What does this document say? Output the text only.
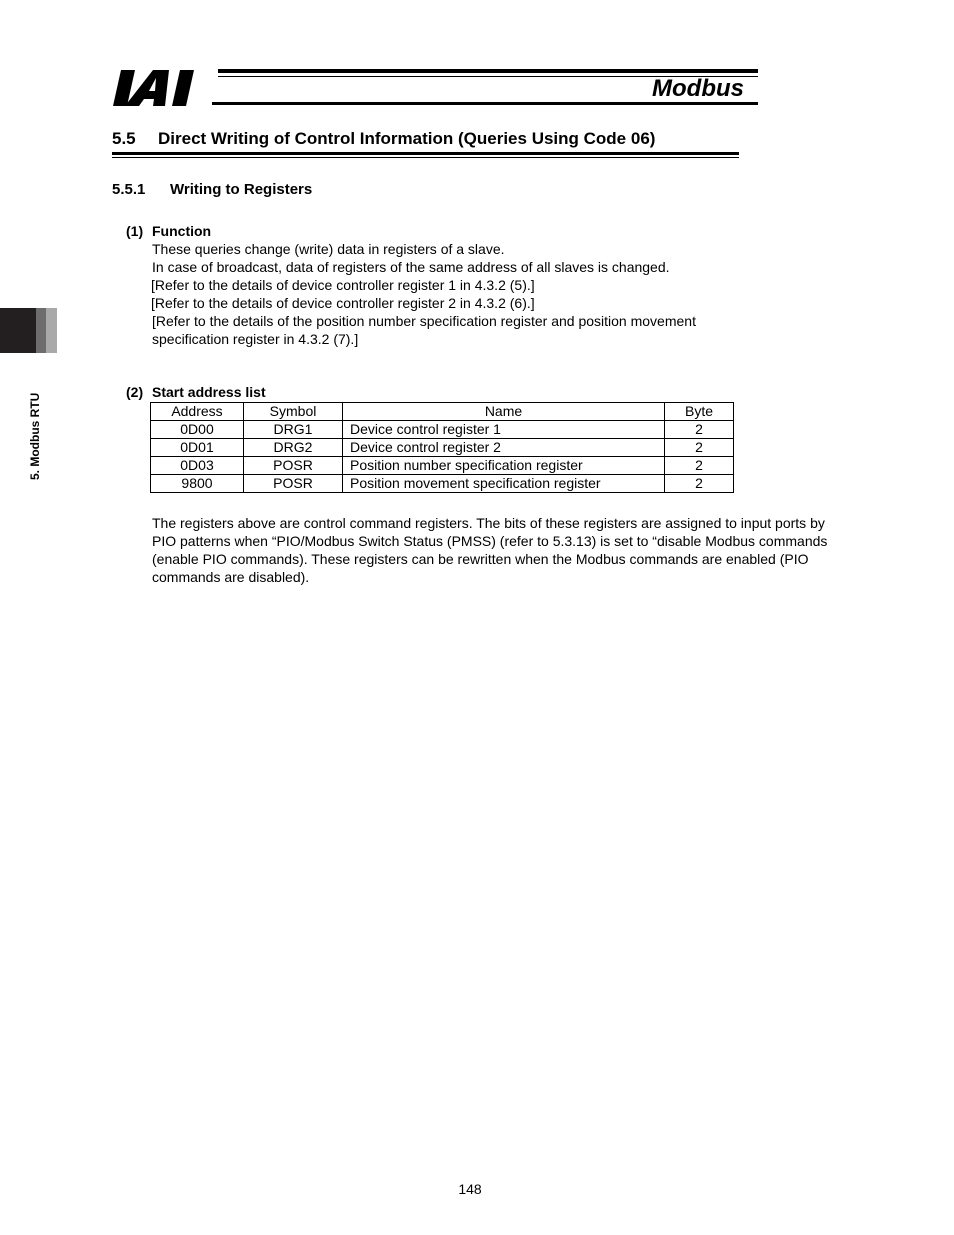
Modbus
5. Modbus RTU
5.5 Direct Writing of Control Information (Queries Using Code 06)
5.5.1 Writing to Registers
(1) Function
These queries change (write) data in registers of a slave.
In case of broadcast, data of registers of the same address of all slaves is changed.
[Refer to the details of device controller register 1 in 4.3.2 (5).]
[Refer to the details of device controller register 2 in 4.3.2 (6).]
[Refer to the details of the position number specification register and position movement
specification register in 4.3.2 (7).]
(2) Start address list
Address	Symbol	Name	Byte
0D00	DRG1	Device control register 1	2
0D01	DRG2	Device control register 2	2
0D03	POSR	Position number specification register	2
9800	POSR	Position movement specification register	2
The registers above are control command registers. The bits of these registers are assigned to input ports by PIO patterns when “PIO/Modbus Switch Status (PMSS) (refer to 5.3.13) is set to “disable Modbus commands (enable PIO commands). These registers can be rewritten when the Modbus commands are enabled (PIO commands are disabled).
148
